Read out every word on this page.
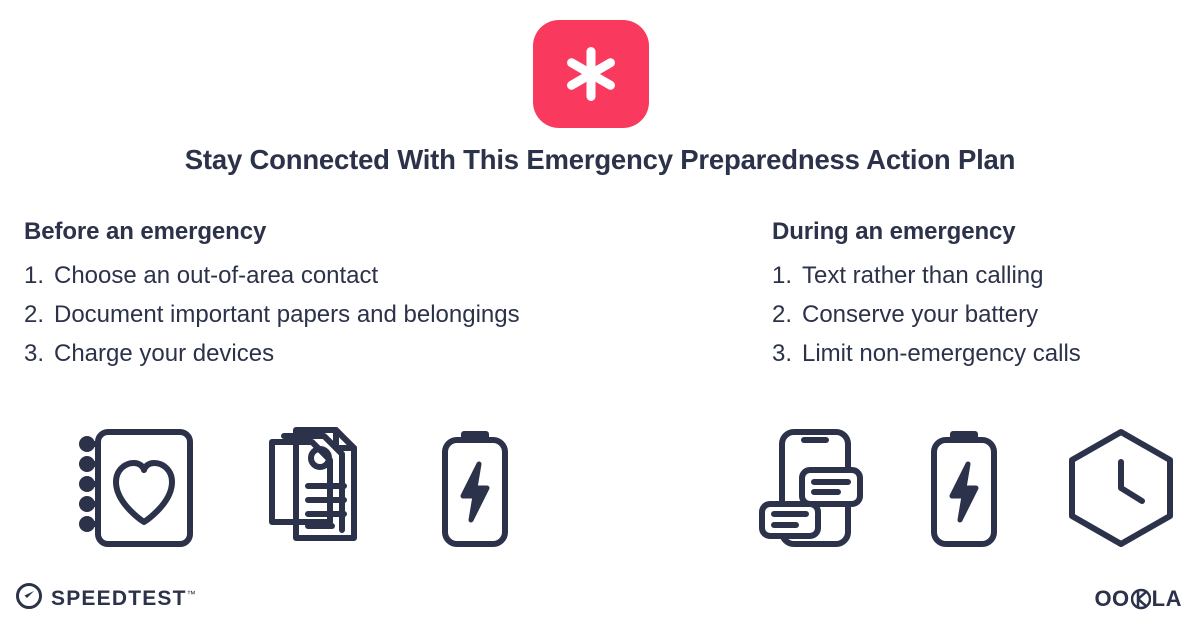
Stay Connected With This Emergency Preparedness Action Plan
Before an emergency
1. Choose an out-of-area contact
2. Document important papers and belongings
3. Charge your devices
During an emergency
1. Text rather than calling
2. Conserve your battery
3. Limit non-emergency calls
SPEEDTEST™	OO LA
